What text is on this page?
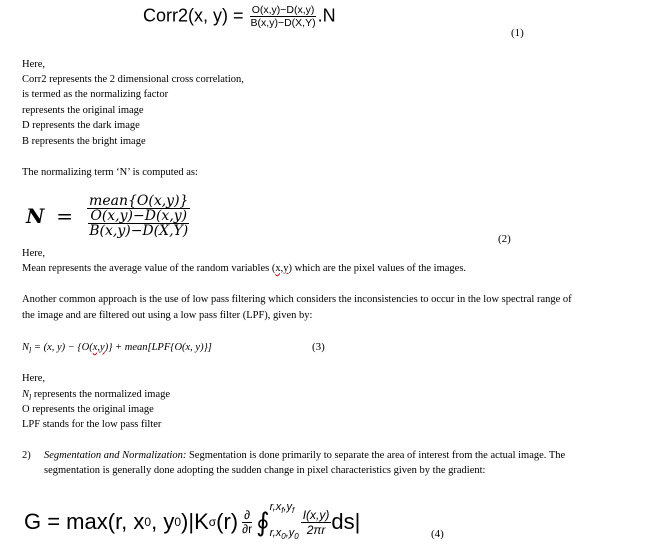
Corr2(x, $y) = \frac{O(x,y)-D(x,y)}{B(x,y)-D(X,Y)} .N$
(1)
Here,
Corr2 represents the 2 dimensional cross correlation,
is termed as the normalizing factor
represents the original image
D represents the dark image
B represents the bright image
The normalizing term ‘N’ is computed as:
N =
mean{O(x,y)}
O(x,y)−D(x,y)
B(x,y)−D(X,Y)	(2)
Here,
Mean represents the average value of the random variables (x,y) which are the pixel values of the images.
Another common approach is the use of low pass filtering which considers the inconsistencies to occur in the low spectral range of
the image and are filtered out using a low pass filter (LPF), given by:
$N_l = (x$, y) − {O(x,y)} + mean[LPF{O(x, y)}]	(3)
Here,
$N_l$ represents the normalized image
O represents the original image
LPF stands for the low pass filter
2) Segmentation and Normalization: Segmentation is done primarily to separate the area of interest from the actual image. The
segmentation is generally done adopting the sudden change in pixel characteristics given by the gradient:
G = max(r, x 0 , y 0 )|K σ $(r) \frac{\partial}{\partial r}$ ∮ $r,x_f,y_f$
$r,x_0,y_0$
$\frac{I(x,y)}{2\pi r} ds|$	(4)
